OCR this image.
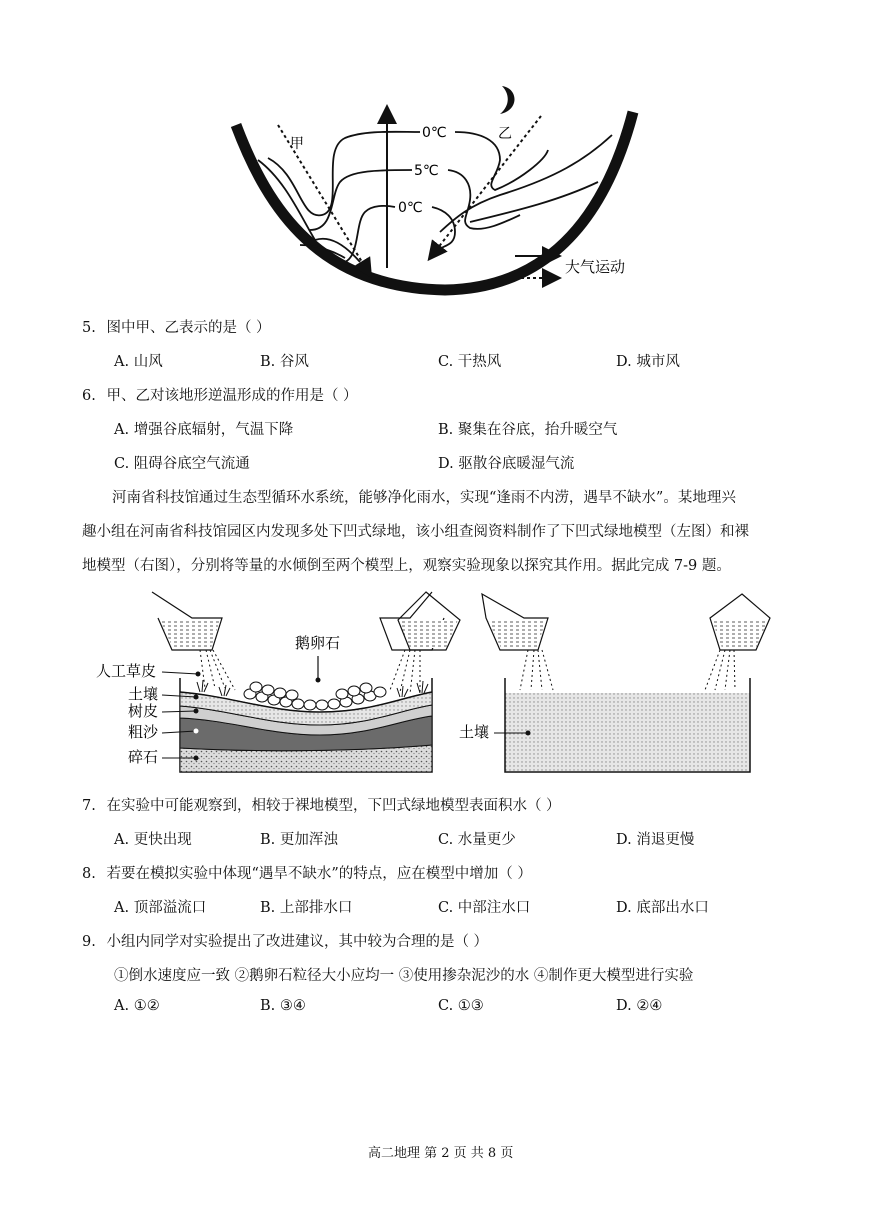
甲
乙
0℃
5℃
0℃
大气运动
5. 图中甲、乙表示的是（ ）
A. 山风	B. 谷风	C. 干热风	D. 城市风
6. 甲、乙对该地形逆温形成的作用是（ ）
A. 增强谷底辐射，气温下降	B. 聚集在谷底，抬升暖空气
C. 阻碍谷底空气流通	D. 驱散谷底暖湿气流
河南省科技馆通过生态型循环水系统，能够净化雨水，实现“逢雨不内涝，遇旱不缺水”。某地理兴
趣小组在河南省科技馆园区内发现多处下凹式绿地，该小组查阅资料制作了下凹式绿地模型（左图）和裸
地模型（右图），分别将等量的水倾倒至两个模型上，观察实验现象以探究其作用。据此完成 7-9 题。
鹅卵石
人工草皮
土壤
树皮
粗沙
碎石
土壤
7. 在实验中可能观察到，相较于裸地模型，下凹式绿地模型表面积水（ ）
A. 更快出现	B. 更加浑浊	C. 水量更少	D. 消退更慢
8. 若要在模拟实验中体现“遇旱不缺水”的特点，应在模型中增加（ ）
A. 顶部溢流口	B. 上部排水口	C. 中部注水口	D. 底部出水口
9. 小组内同学对实验提出了改进建议，其中较为合理的是（ ）
①倒水速度应一致 ②鹅卵石粒径大小应均一 ③使用掺杂泥沙的水 ④制作更大模型进行实验
A. ①②	B. ③④	C. ①③	D. ②④
高二地理 第 2 页 共 8 页
